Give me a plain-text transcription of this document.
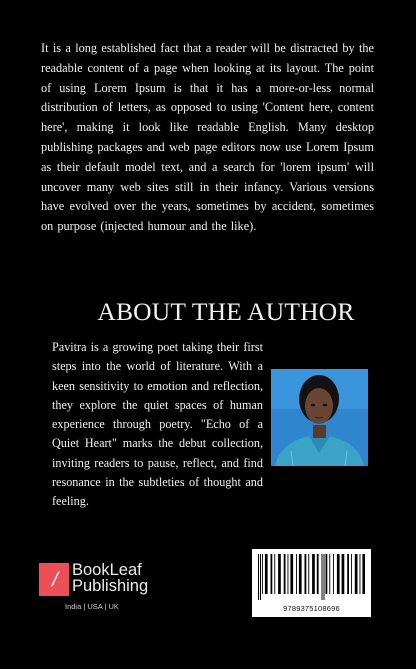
It is a long established fact that a reader will be distracted by the readable content of a page when looking at its layout. The point of using Lorem Ipsum is that it has a more-or-less normal distribution of letters, as opposed to using 'Content here, content here', making it look like readable English. Many desktop publishing packages and web page editors now use Lorem Ipsum as their default model text, and a search for 'lorem ipsum' will uncover many web sites still in their infancy. Various versions have evolved over the years, sometimes by accident, sometimes on purpose (injected humour and the like).
ABOUT THE AUTHOR
Pavitra is a growing poet taking their first steps into the world of literature. With a keen sensitivity to emotion and reflection, they explore the quiet spaces of human experience through poetry. "Echo of a Quiet Heart" marks the debut collection, inviting readers to pause, reflect, and find resonance in the subtleties of thought and feeling.
/ BookLeaf
Publishing
India | USA | UK	9789375108696
